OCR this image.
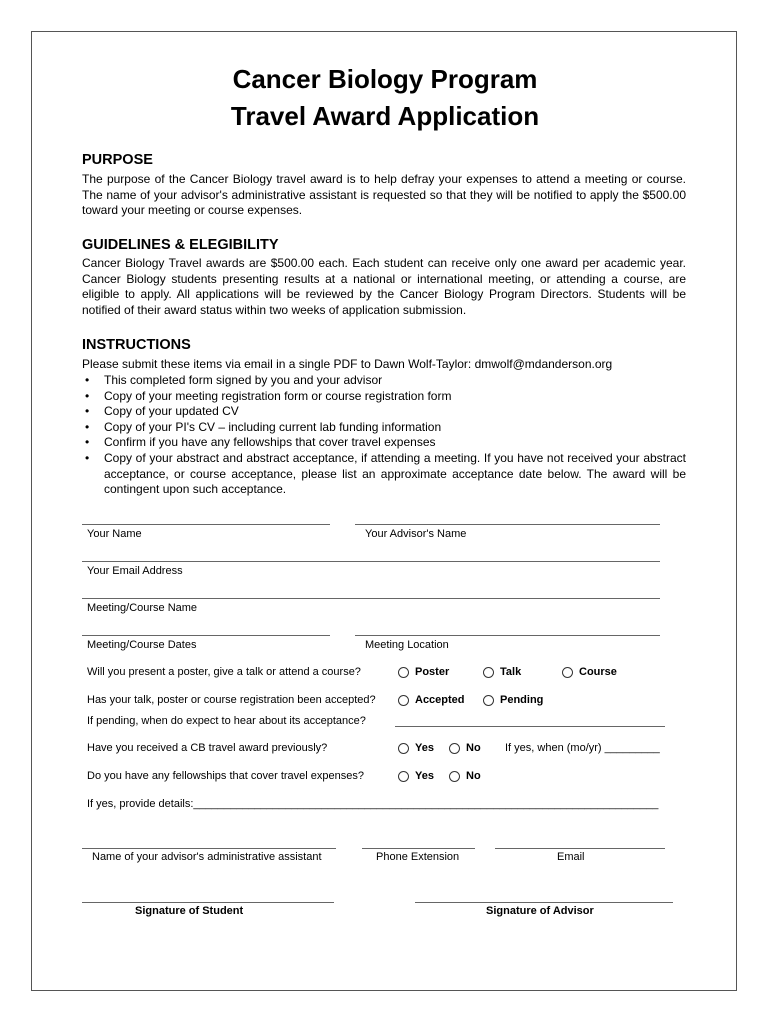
Cancer Biology Program
Travel Award Application
PURPOSE

The purpose of the Cancer Biology travel award is to help defray your expenses to attend a meeting or course. The name of your advisor's administrative assistant is requested so that they will be notified to apply the $500.00 toward your meeting or course expenses.

GUIDELINES & ELEGIBILITY

Cancer Biology Travel awards are $500.00 each. Each student can receive only one award per academic year. Cancer Biology students presenting results at a national or international meeting, or attending a course, are eligible to apply. All applications will be reviewed by the Cancer Biology Program Directors. Students will be notified of their award status within two weeks of application submission.

INSTRUCTIONS
Please submit these items via email in a single PDF to Dawn Wolf-Taylor: dmwolf@mdanderson.org
• This completed form signed by you and your advisor
• Copy of your meeting registration form or course registration form
• Copy of your updated CV
• Copy of your PI's CV – including current lab funding information
• Confirm if you have any fellowships that cover travel expenses
• Copy of your abstract and abstract acceptance, if attending a meeting. If you have not received your abstract acceptance, or course acceptance, please list an approximate acceptance date below. The award will be contingent upon such acceptance.
Your Name	Your Advisor's Name
Your Email Address
Meeting/Course Name
Meeting/Course Dates	Meeting Location
Will you present a poster, give a talk or attend a course?	Poster	Talk	Course
Has your talk, poster or course registration been accepted?	Accepted	Pending
If pending, when do expect to hear about its acceptance?
Have you received a CB travel award previously?	Yes	No If yes, when (mo/yr) _________
Do you have any fellowships that cover travel expenses?	Yes	No
If yes, provide details:____________________________________________________________________________
Name of your advisor's administrative assistant	Phone Extension	Email
Signature of Student	Signature of Advisor
